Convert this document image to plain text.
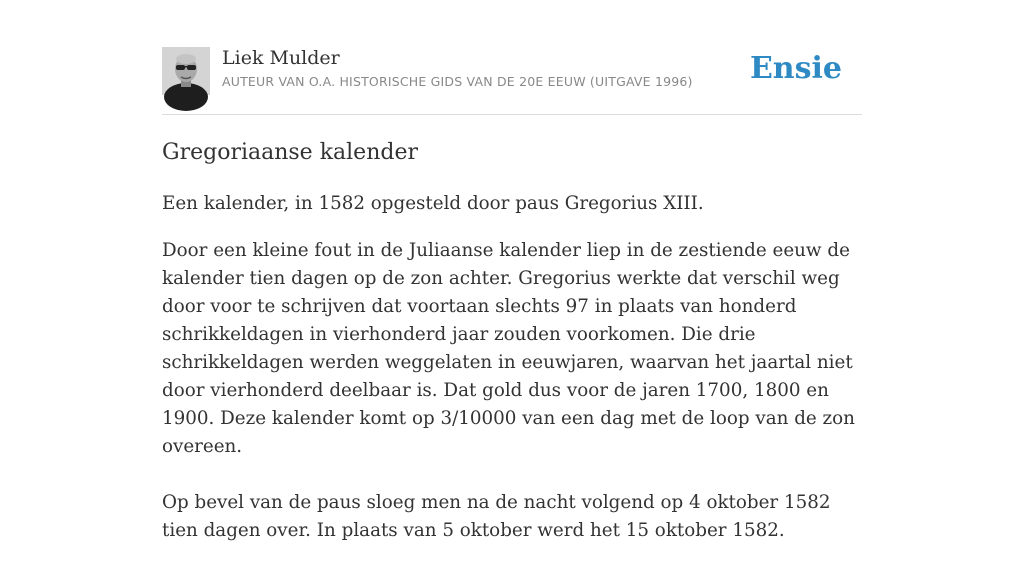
Liek Mulder
AUTEUR VAN O.A. HISTORISCHE GIDS VAN DE 20E EEUW (UITGAVE 1996) Ensie
Gregoriaanse kalender

Een kalender, in 1582 opgesteld door paus Gregorius XIII.

Door een kleine fout in de Juliaanse kalender liep in de zestiende eeuw de kalender tien dagen op de zon achter. Gregorius werkte dat verschil weg door voor te schrijven dat voortaan slechts 97 in plaats van honderd schrikkeldagen in vierhonderd jaar zouden voorkomen. Die drie schrikkeldagen werden weggelaten in eeuwjaren, waarvan het jaartal niet door vierhonderd deelbaar is. Dat gold dus voor de jaren 1700, 1800 en 1900. Deze kalender komt op 3/10000 van een dag met de loop van de zon overeen.

Op bevel van de paus sloeg men na de nacht volgend op 4 oktober 1582 tien dagen over. In plaats van 5 oktober werd het 15 oktober 1582.
